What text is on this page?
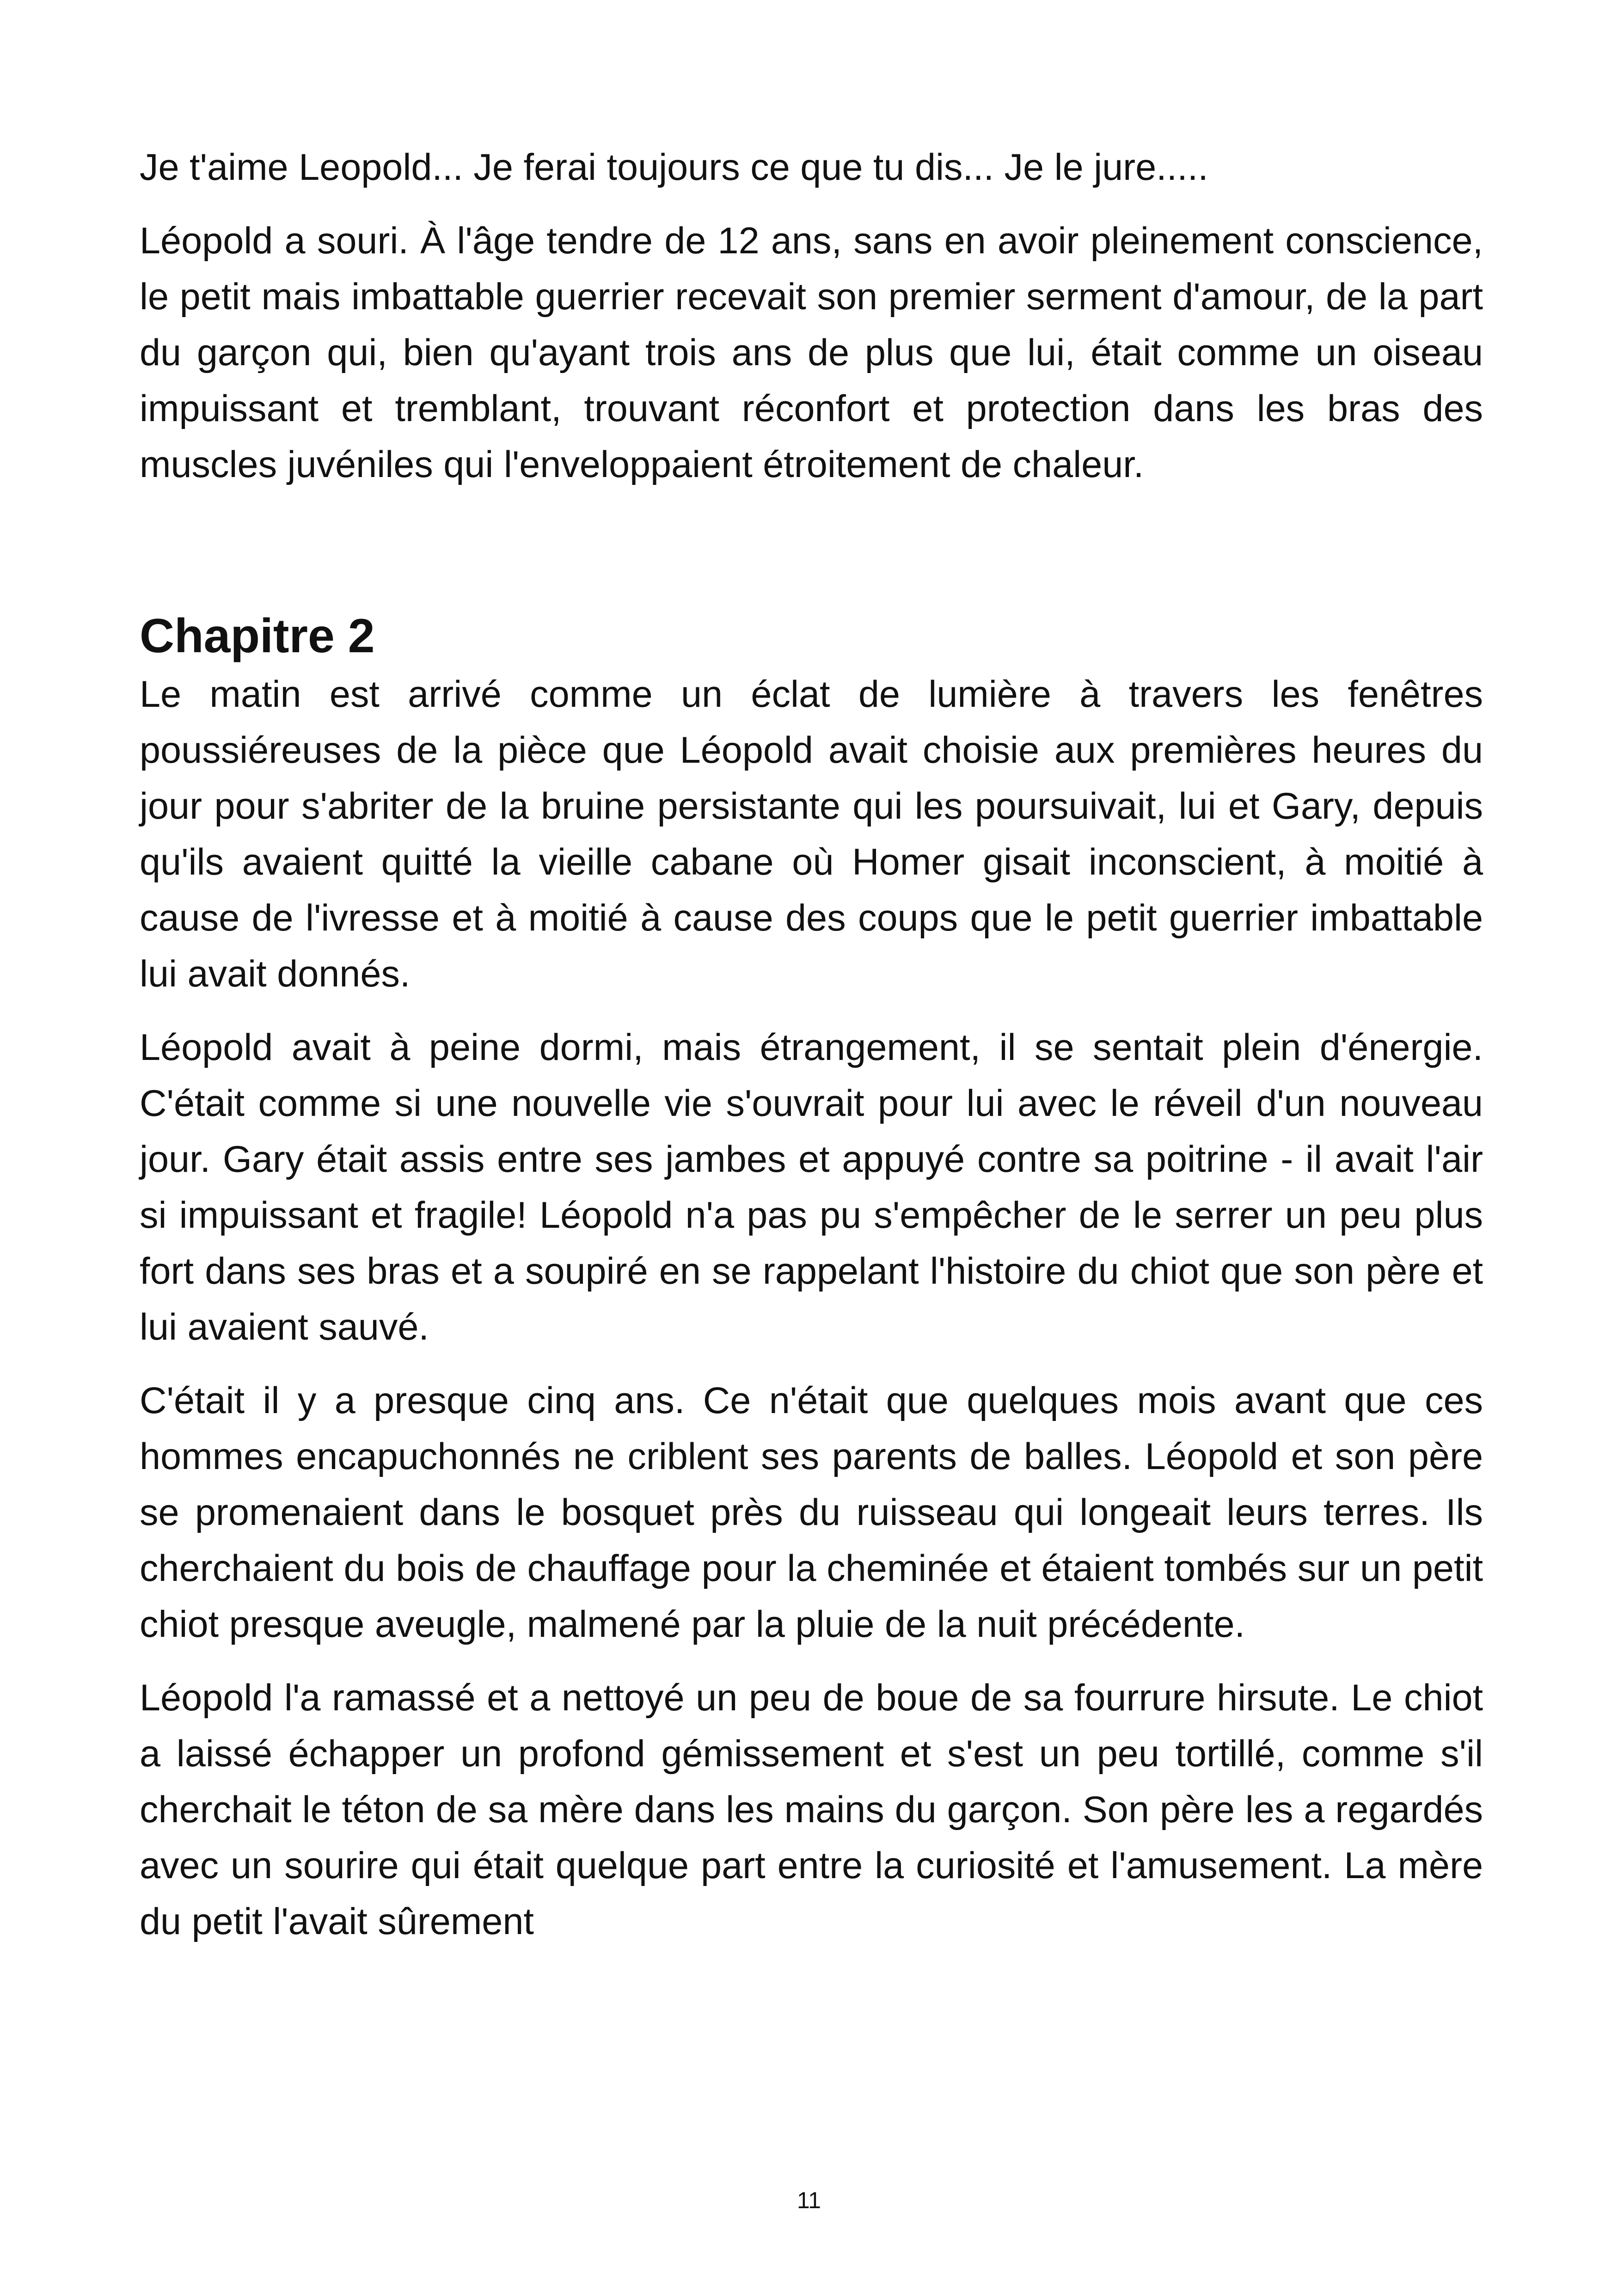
Je t'aime Leopold... Je ferai toujours ce que tu dis... Je le jure.....

Léopold a souri. À l'âge tendre de 12 ans, sans en avoir pleinement conscience, le petit mais imbattable guerrier recevait son premier serment d'amour, de la part du garçon qui, bien qu'ayant trois ans de plus que lui, était comme un oiseau impuissant et tremblant, trouvant réconfort et protection dans les bras des muscles juvéniles qui l'enveloppaient étroitement de chaleur.

Chapitre 2

Le matin est arrivé comme un éclat de lumière à travers les fenêtres poussiéreuses de la pièce que Léopold avait choisie aux premières heures du jour pour s'abriter de la bruine persistante qui les poursuivait, lui et Gary, depuis qu'ils avaient quitté la vieille cabane où Homer gisait inconscient, à moitié à cause de l'ivresse et à moitié à cause des coups que le petit guerrier imbattable lui avait donnés.

Léopold avait à peine dormi, mais étrangement, il se sentait plein d'énergie. C'était comme si une nouvelle vie s'ouvrait pour lui avec le réveil d'un nouveau jour. Gary était assis entre ses jambes et appuyé contre sa poitrine - il avait l'air si impuissant et fragile! Léopold n'a pas pu s'empêcher de le serrer un peu plus fort dans ses bras et a soupiré en se rappelant l'histoire du chiot que son père et lui avaient sauvé.

C'était il y a presque cinq ans. Ce n'était que quelques mois avant que ces hommes encapuchonnés ne criblent ses parents de balles. Léopold et son père se promenaient dans le bosquet près du ruisseau qui longeait leurs terres. Ils cherchaient du bois de chauffage pour la cheminée et étaient tombés sur un petit chiot presque aveugle, malmené par la pluie de la nuit précédente.

Léopold l'a ramassé et a nettoyé un peu de boue de sa fourrure hirsute. Le chiot a laissé échapper un profond gémissement et s'est un peu tortillé, comme s'il cherchait le téton de sa mère dans les mains du garçon. Son père les a regardés avec un sourire qui était quelque part entre la curiosité et l'amusement. La mère du petit l'avait sûrement

11
